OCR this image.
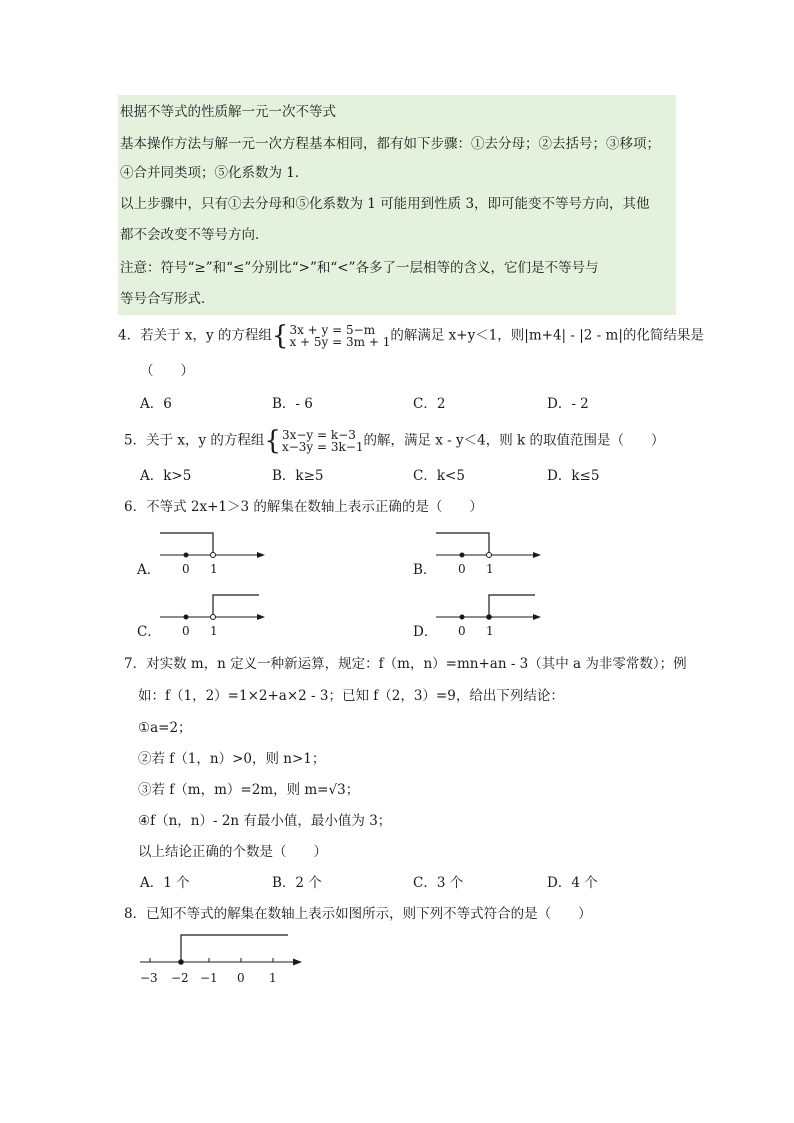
根据不等式的性质解一元一次不等式
基本操作方法与解一元一次方程基本相同，都有如下步骤：①去分母；②去括号；③移项；
④合并同类项；⑤化系数为 1．
以上步骤中，只有①去分母和⑤化系数为 1 可能用到性质 3，即可能变不等号方向，其他
都不会改变不等号方向．
注意：符号“≥”和“≤”分别比“>”和“<”各多了一层相等的含义，它们是不等号与
等号合写形式．
4．若关于 x，y 的方程组 { 3x + y = 5−m
x + 5y = 3m + 1 的解满足 x+y＜1，则|m+4| - |2 - m|的化简结果是
（　　）
A．6	B．- 6	C．2	D．- 2
5．关于 x，y 的方程组 { 3x−y = k−3
x−3y = 3k−1 的解，满足 x - y＜4，则 k 的取值范围是（　　）
A．k>5	B．k≥5	C．k<5	D．k≤5
6．不等式 2x+1＞3 的解集在数轴上表示正确的是（　　）
A． 0 1	B． 0 1
C． 0 1	D． 0 1
7．对实数 m，n 定义一种新运算，规定：f（m，n）=mn+an - 3（其中 a 为非零常数）；例
如：f（1，2）=1×2+a×2 - 3；已知 f（2，3）=9，给出下列结论：
①a=2；
②若 f（1，n）>0，则 n>1；
③若 f（m，m）=2m，则 m=√3；
④f（n，n）- 2n 有最小值，最小值为 3；
以上结论正确的个数是（　　）
A．1 个	B．2 个	C．3 个	D．4 个
8．已知不等式的解集在数轴上表示如图所示，则下列不等式符合的是（　　）
−3 −2 −1 0 1
